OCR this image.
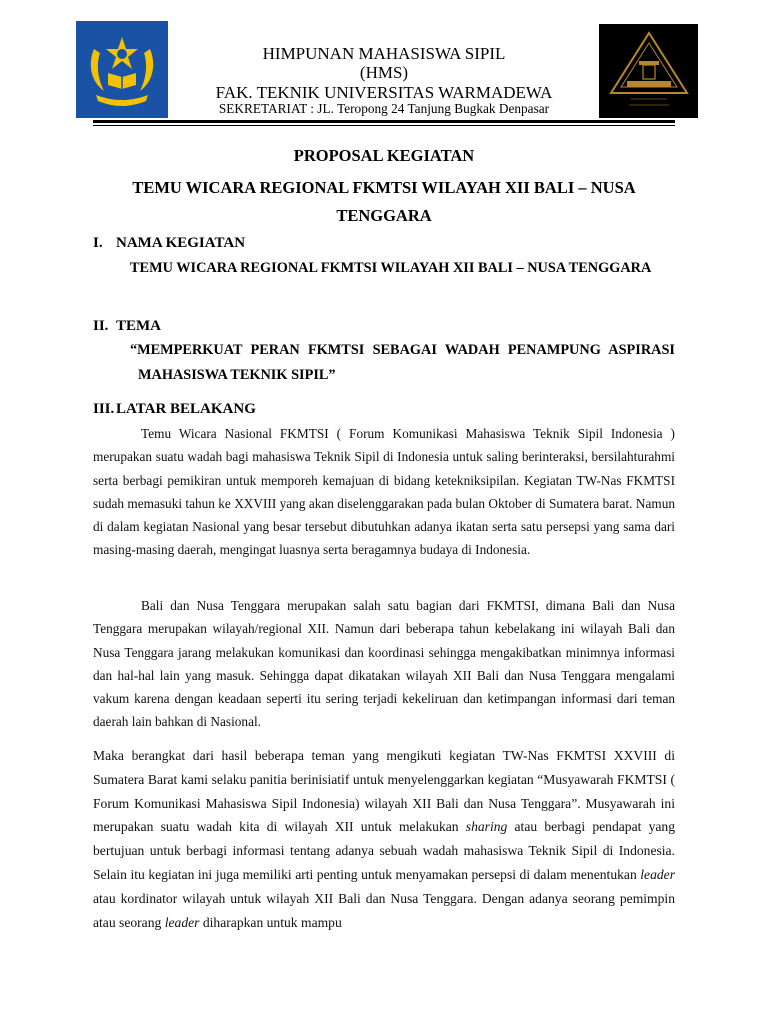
HIMPUNAN MAHASISWA SIPIL
(HMS)
FAK. TEKNIK UNIVERSITAS WARMADEWA
SEKRETARIAT : JL. Teropong 24 Tanjung Bugkak Denpasar
PROPOSAL KEGIATAN
TEMU WICARA REGIONAL FKMTSI WILAYAH XII BALI – NUSA TENGGARA
I. NAMA KEGIATAN
TEMU WICARA REGIONAL FKMTSI WILAYAH XII BALI – NUSA TENGGARA
II. TEMA
“MEMPERKUAT PERAN FKMTSI SEBAGAI WADAH PENAMPUNG ASPIRASI
MAHASISWA TEKNIK SIPIL”
III. LATAR BELAKANG
Temu Wicara Nasional FKMTSI ( Forum Komunikasi Mahasiswa Teknik Sipil Indonesia ) merupakan suatu wadah bagi mahasiswa Teknik Sipil di Indonesia untuk saling berinteraksi, bersilahturahmi serta berbagi pemikiran untuk memporeh kemajuan di bidang ketekniksipilan. Kegiatan TW-Nas FKMTSI sudah memasuki tahun ke XXVIII yang akan diselenggarakan pada bulan Oktober di Sumatera barat. Namun di dalam kegiatan Nasional yang besar tersebut dibutuhkan adanya ikatan serta satu persepsi yang sama dari masing-masing daerah, mengingat luasnya serta beragamnya budaya di Indonesia.
Bali dan Nusa Tenggara merupakan salah satu bagian dari FKMTSI, dimana Bali dan Nusa Tenggara merupakan wilayah/regional XII. Namun dari beberapa tahun kebelakang ini wilayah Bali dan Nusa Tenggara jarang melakukan komunikasi dan koordinasi sehingga mengakibatkan minimnya informasi dan hal-hal lain yang masuk. Sehingga dapat dikatakan wilayah XII Bali dan Nusa Tenggara mengalami vakum karena dengan keadaan seperti itu sering terjadi kekeliruan dan ketimpangan informasi dari teman daerah lain bahkan di Nasional.
Maka berangkat dari hasil beberapa teman yang mengikuti kegiatan TW-Nas FKMTSI XXVIII di Sumatera Barat kami selaku panitia berinisiatif untuk menyelenggarkan kegiatan “Musyawarah FKMTSI ( Forum Komunikasi Mahasiswa Sipil Indonesia) wilayah XII Bali dan Nusa Tenggara”. Musyawarah ini merupakan suatu wadah kita di wilayah XII untuk melakukan sharing atau berbagi pendapat yang bertujuan untuk berbagi informasi tentang adanya sebuah wadah mahasiswa Teknik Sipil di Indonesia. Selain itu kegiatan ini juga memiliki arti penting untuk menyamakan persepsi di dalam menentukan leader atau kordinator wilayah untuk wilayah XII Bali dan Nusa Tenggara. Dengan adanya seorang pemimpin atau seorang leader diharapkan untuk mampu
